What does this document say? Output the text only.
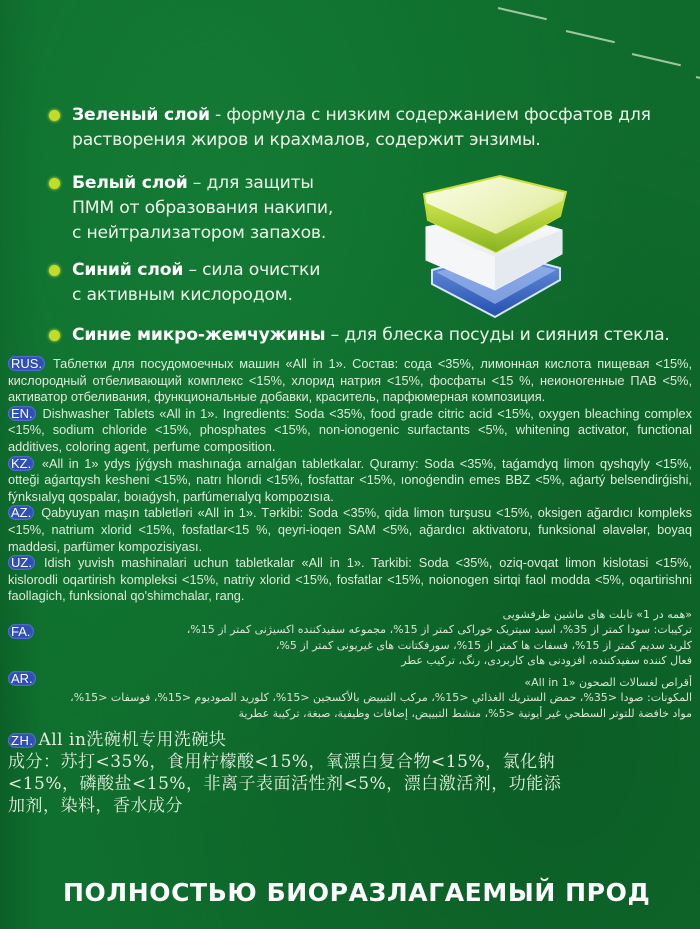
Зеленый слой - формула с низким содержанием фосфатов для
растворения жиров и крахмалов, содержит энзимы.
Белый слой – для защиты
ПММ от образования накипи,
с нейтрализатором запахов.
Синий слой – сила очистки
с активным кислородом.
Синие микро-жемчужины – для блеска посуды и сияния стекла.

RUS. Таблетки для посудомоечных машин «All in 1». Состав: сода <35%, лимонная кислота пищевая <15%, кислородный отбеливающий комплекс <15%, хлорид натрия <15%, фосфаты <15 %, неионогенные ПАВ <5%, активатор отбеливания, функциональные добавки, краситель, парфюмерная композиция.

EN. Dishwasher Tablets «All in 1». Ingredients: Soda <35%, food grade citric acid <15%, oxygen bleaching complex <15%, sodium chloride <15%, phosphates <15%, non-ionogenic surfactants <5%, whitening activator, functional additives, coloring agent, perfume composition.

KZ. «All in 1» ydys jýǵysh mashınaǵa arnalǵan tabletkalar. Quramy: Soda <35%, taǵamdyq limon qyshqyly <15%, otteği aǵartqysh kesheni <15%, natrı hlorıdi <15%, fosfattar <15%, ıonoǵendin emes BBZ <5%, aǵartý belsendirǵishi, fýnksıalyq qospalar, boıaǵysh, parfúmerıalyq kompozısıa.

AZ. Qabyuyan maşın tabletləri «All in 1». Tərkibi: Soda <35%, qida limon turşusu <15%, oksigen ağardıcı kompleks <15%, natrium xlorid <15%, fosfatlar<15 %, qeyri-ioqen SAM <5%, ağardıcı aktivatoru, funksional əlavələr, boyaq maddəsi, parfümer kompozisiyası.

UZ. Idish yuvish mashinalari uchun tabletkalar «All in 1». Tarkibi: Soda <35%, oziq-ovqat limon kislotasi <15%, kislorodli oqartirish kompleksi <15%, natriy xlorid <15%, fosfatlar <15%, noionogen sirtqi faol modda <5%, oqartirishni faollagich, funksional qo'shimchalar, rang.

FA.
«همه در 1» تابلت های ماشین ظرفشویی
ترکیبات: سودا کمتر از 35%، اسید سیتریک خوراکی کمتر از 15%، مجموعه سفیدکننده اکسیژنی کمتر از 15%،
کلرید سدیم کمتر از 15%، فسفات ها کمتر از 15%، سورفکتانت های غیریونی کمتر از 5%،
فعال کننده سفیدکننده، افزودنی های کاربردی، رنگ، ترکیب عطر
AR.	أقراص لغسالات الصحون «All in 1»
المكونات: صودا <35%، حمض الستريك الغذائي <15%، مركب التبييض بالأكسجين <15%، كلوريد الصوديوم <15%، فوسفات <15%،
مواد خافضة للتوتر السطحي غير أيونية <5%، منشط التبييض، إضافات وظيفية، صبغة، تركيبة عطرية
ZH. All in洗碗机专用洗碗块
成分：苏打<35%，食用柠檬酸<15%，氧漂白复合物<15%，氯化钠
<15%，磷酸盐<15%，非离子表面活性剂<5%，漂白激活剂，功能添
加剂，染料，香水成分
ПОЛНОСТЬЮ БИОРАЗЛАГАЕМЫЙ ПРОД
